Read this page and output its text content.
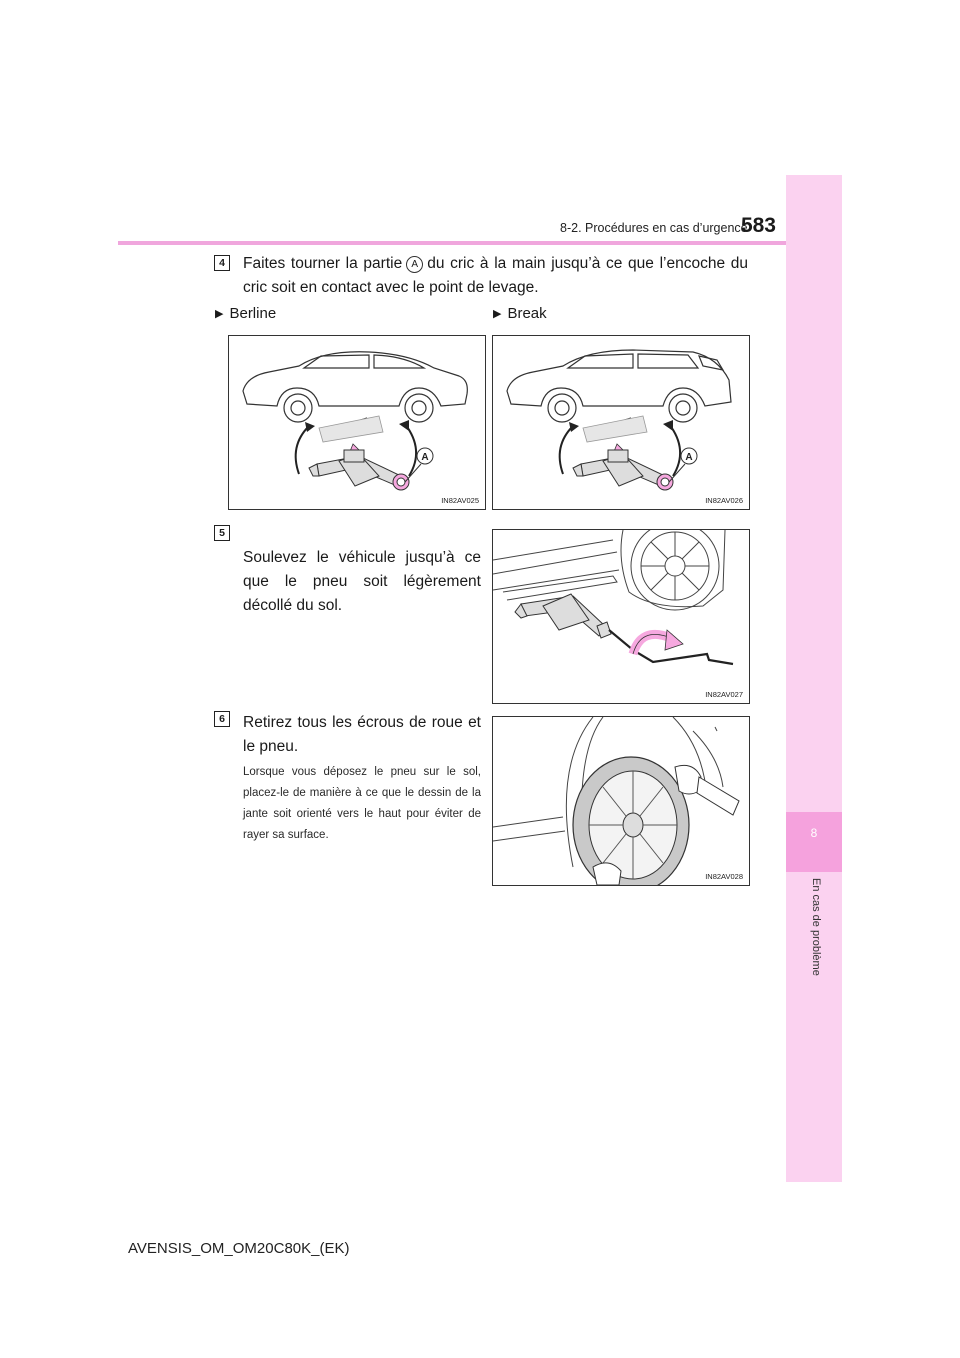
8-2. Procédures en cas d’urgence
583
8
En cas de problème
4	Faites tourner la partie A du cric à la main jusqu’à ce que l’encoche du cric soit en contact avec le point de levage.
▶ Berline	▶ Break
A
IN82AV025
A
IN82AV026
5
Soulevez le véhicule jusqu’à ce que le pneu soit légèrement décollé du sol.
IN82AV027
6	Retirez tous les écrous de roue et le pneu.
Lorsque vous déposez le pneu sur le sol, placez-le de manière à ce que le dessin de la jante soit orienté vers le haut pour éviter de rayer sa surface.
IN82AV028
AVENSIS_OM_OM20C80K_(EK)
